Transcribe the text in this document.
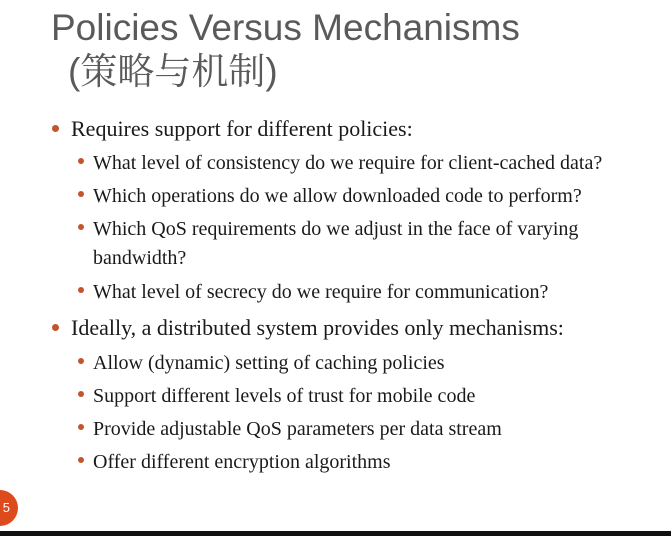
Policies Versus Mechanisms
(策略与机制)
Requires support for different policies:
What level of consistency do we require for client-cached data?
Which operations do we allow downloaded code to perform?
Which QoS requirements do we adjust in the face of varying
bandwidth?
What level of secrecy do we require for communication?
Ideally, a distributed system provides only mechanisms:
Allow (dynamic) setting of caching policies
Support different levels of trust for mobile code
Provide adjustable QoS parameters per data stream
Offer different encryption algorithms
5
